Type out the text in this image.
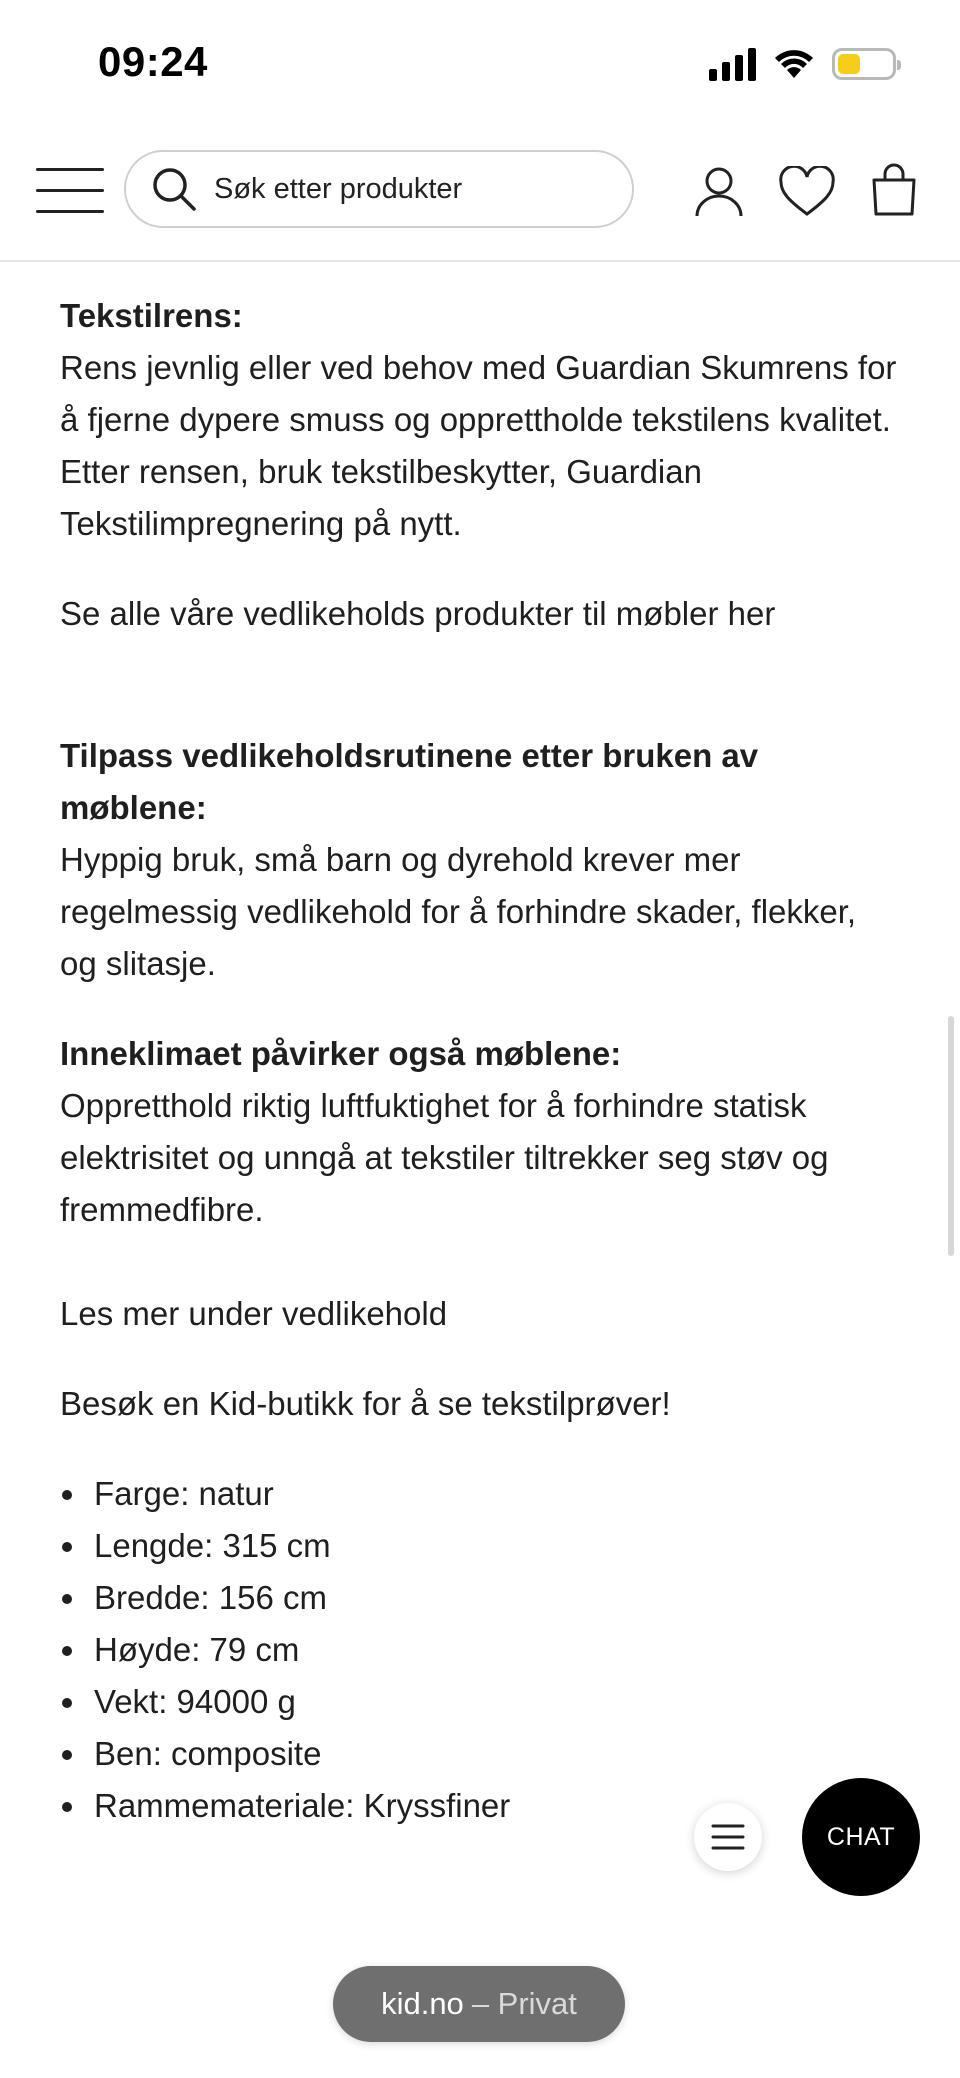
09:24
Søk etter produkter

Tekstilrens:

Rens jevnlig eller ved behov med Guardian Skumrens for å fjerne dypere smuss og opprettholde tekstilens kvalitet. Etter rensen, bruk tekstilbeskytter, Guardian Tekstilimpregnering på nytt.

Se alle våre vedlikeholds produkter til møbler her

Tilpass vedlikeholdsrutinene etter bruken av møblene:

Hyppig bruk, små barn og dyrehold krever mer regelmessig vedlikehold for å forhindre skader, flekker,

og slitasje.

Inneklimaet påvirker også møblene:

Oppretthold riktig luftfuktighet for å forhindre statisk elektrisitet og unngå at tekstiler tiltrekker seg støv og fremmedfibre.

Les mer under vedlikehold

Besøk en Kid-butikk for å se tekstilprøver!

Farge: natur
Lengde: 315 cm
Bredde: 156 cm
Høyde: 79 cm
Vekt: 94000 g
Ben: composite
Rammemateriale: Kryssfiner
CHAT
kid.no – Privat
